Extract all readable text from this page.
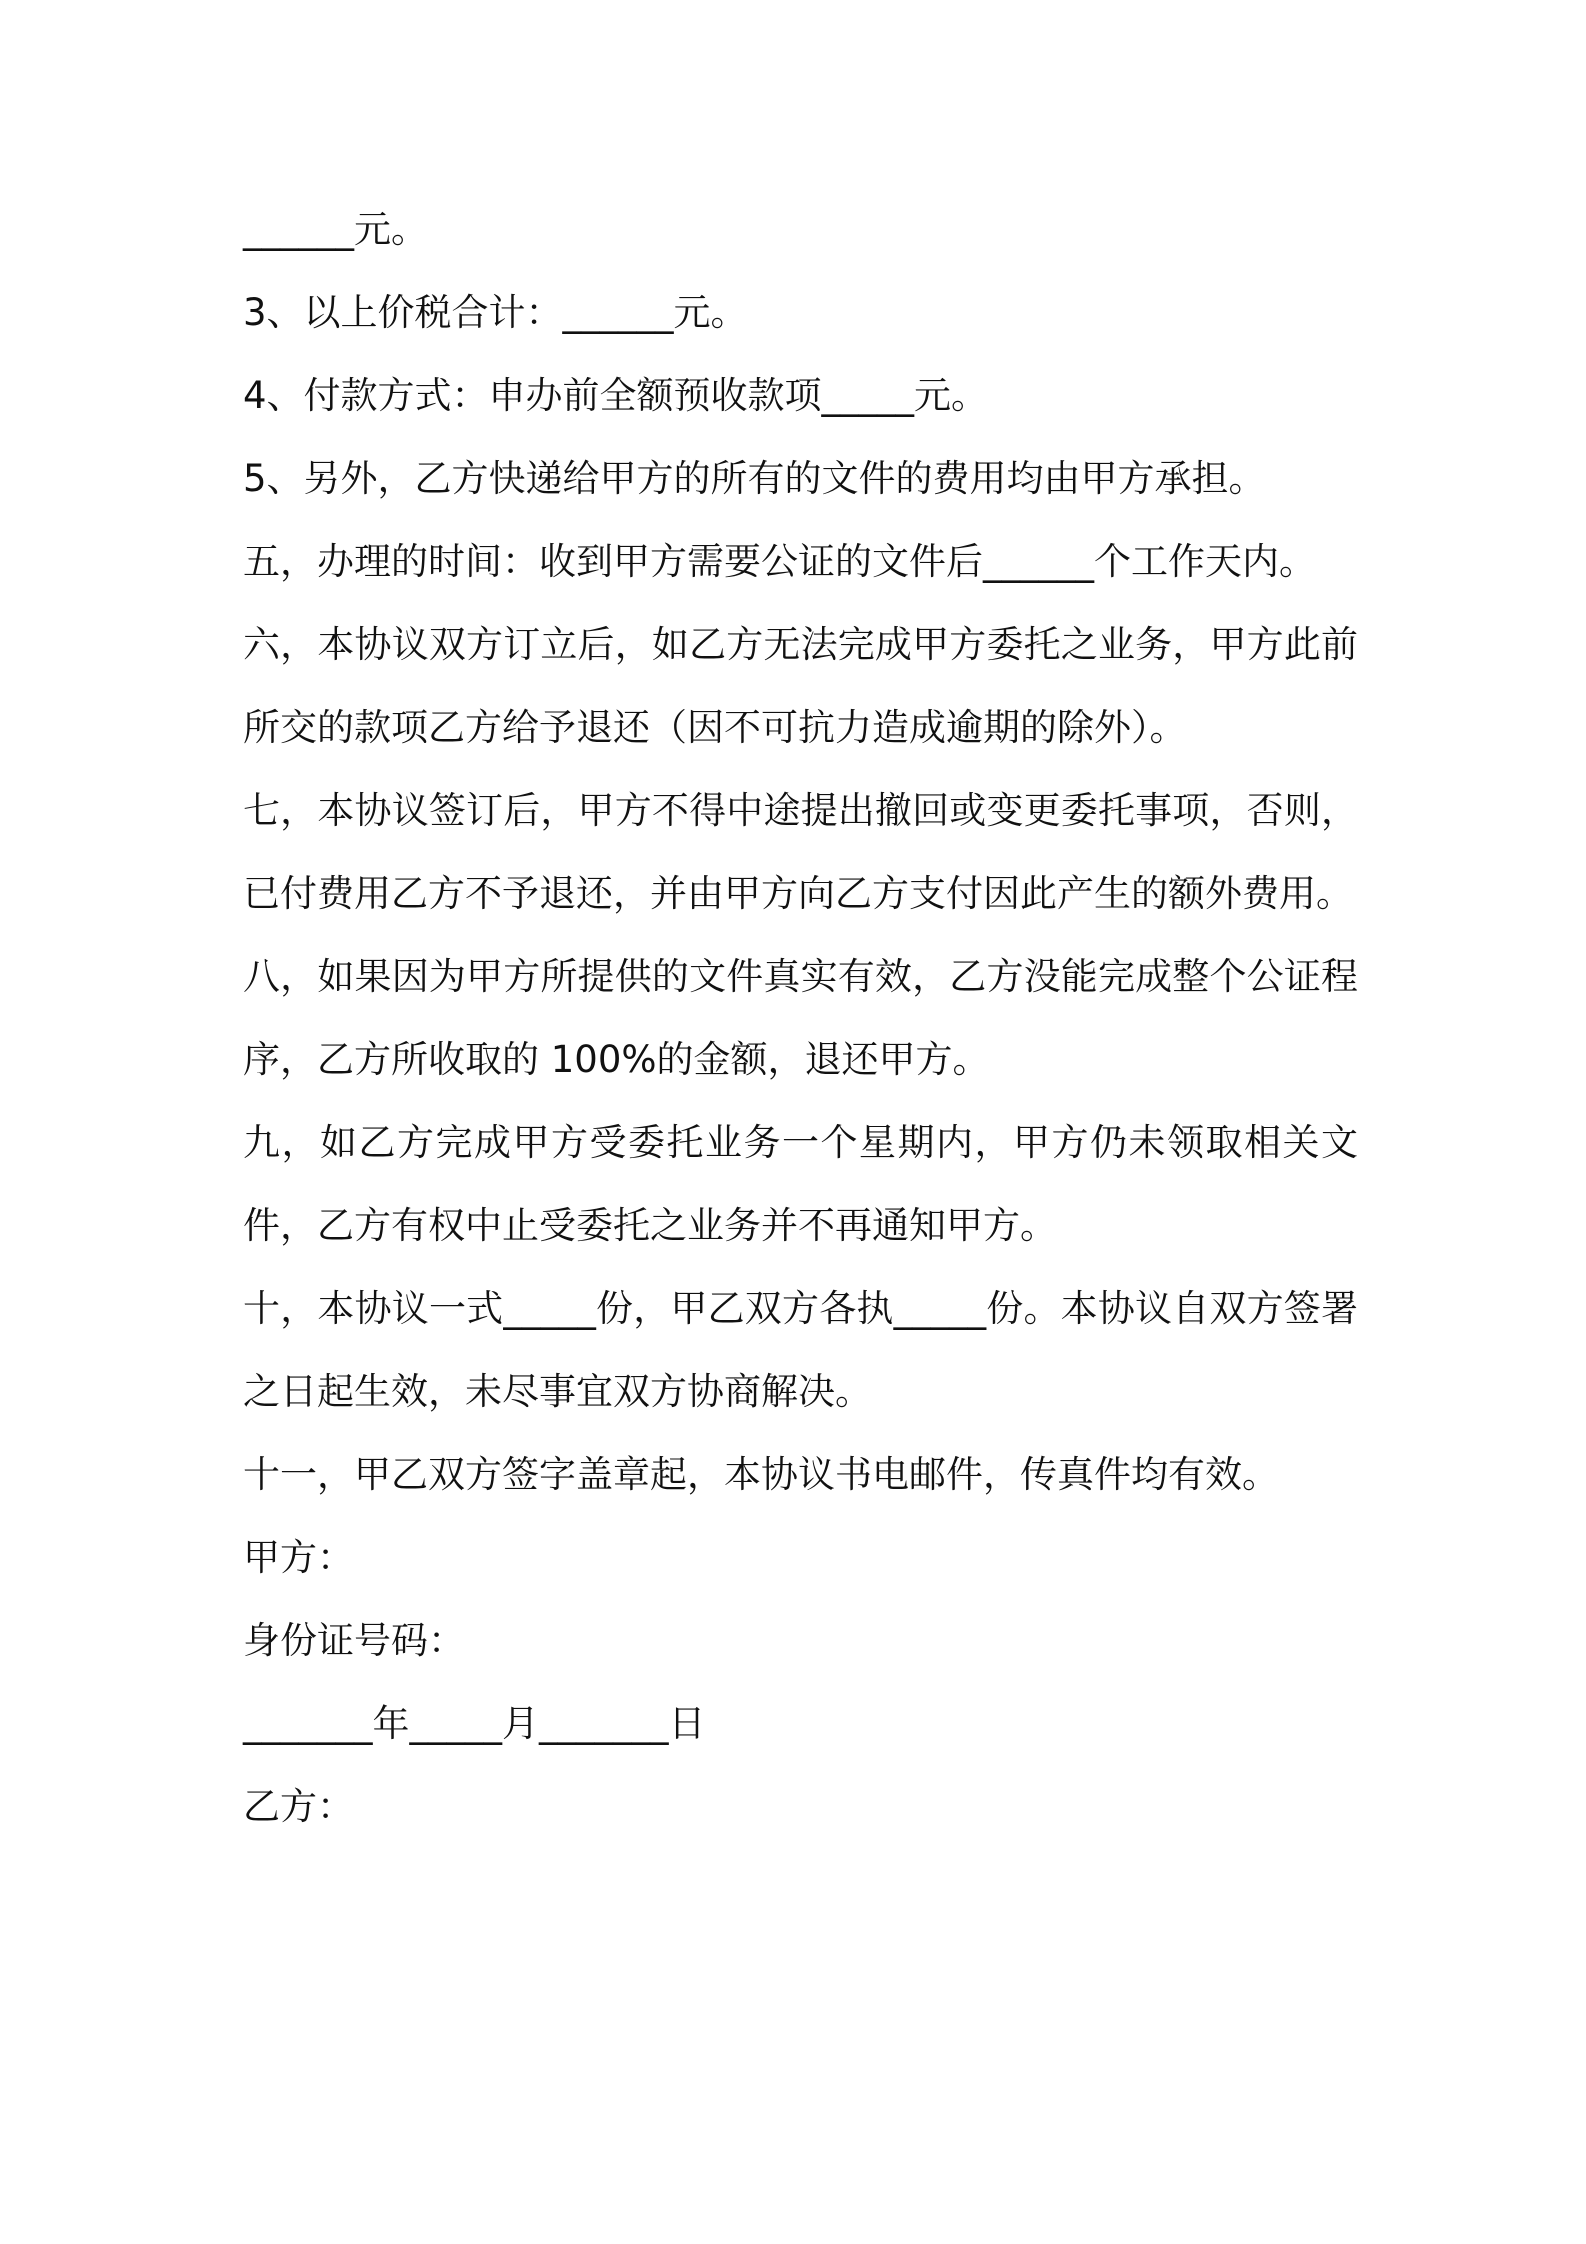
______元。

3、以上价税合计：______元。

4、付款方式：申办前全额预收款项_____元。

5、另外，乙方快递给甲方的所有的文件的费用均由甲方承担。

五，办理的时间：收到甲方需要公证的文件后______个工作天内。

六，本协议双方订立后，如乙方无法完成甲方委托之业务，甲方此前所交的款项乙方给予退还（因不可抗力造成逾期的除外）。

七，本协议签订后，甲方不得中途提出撤回或变更委托事项，否则，已付费用乙方不予退还，并由甲方向乙方支付因此产生的额外费用。

八，如果因为甲方所提供的文件真实有效，乙方没能完成整个公证程序，乙方所收取的 100%的金额，退还甲方。

九，如乙方完成甲方受委托业务一个星期内，甲方仍未领取相关文件，乙方有权中止受委托之业务并不再通知甲方。

十，本协议一式_____份，甲乙双方各执_____份。本协议自双方签署之日起生效，未尽事宜双方协商解决。

十一，甲乙双方签字盖章起，本协议书电邮件，传真件均有效。

甲方：

身份证号码：

_______年_____月_______日

乙方：
